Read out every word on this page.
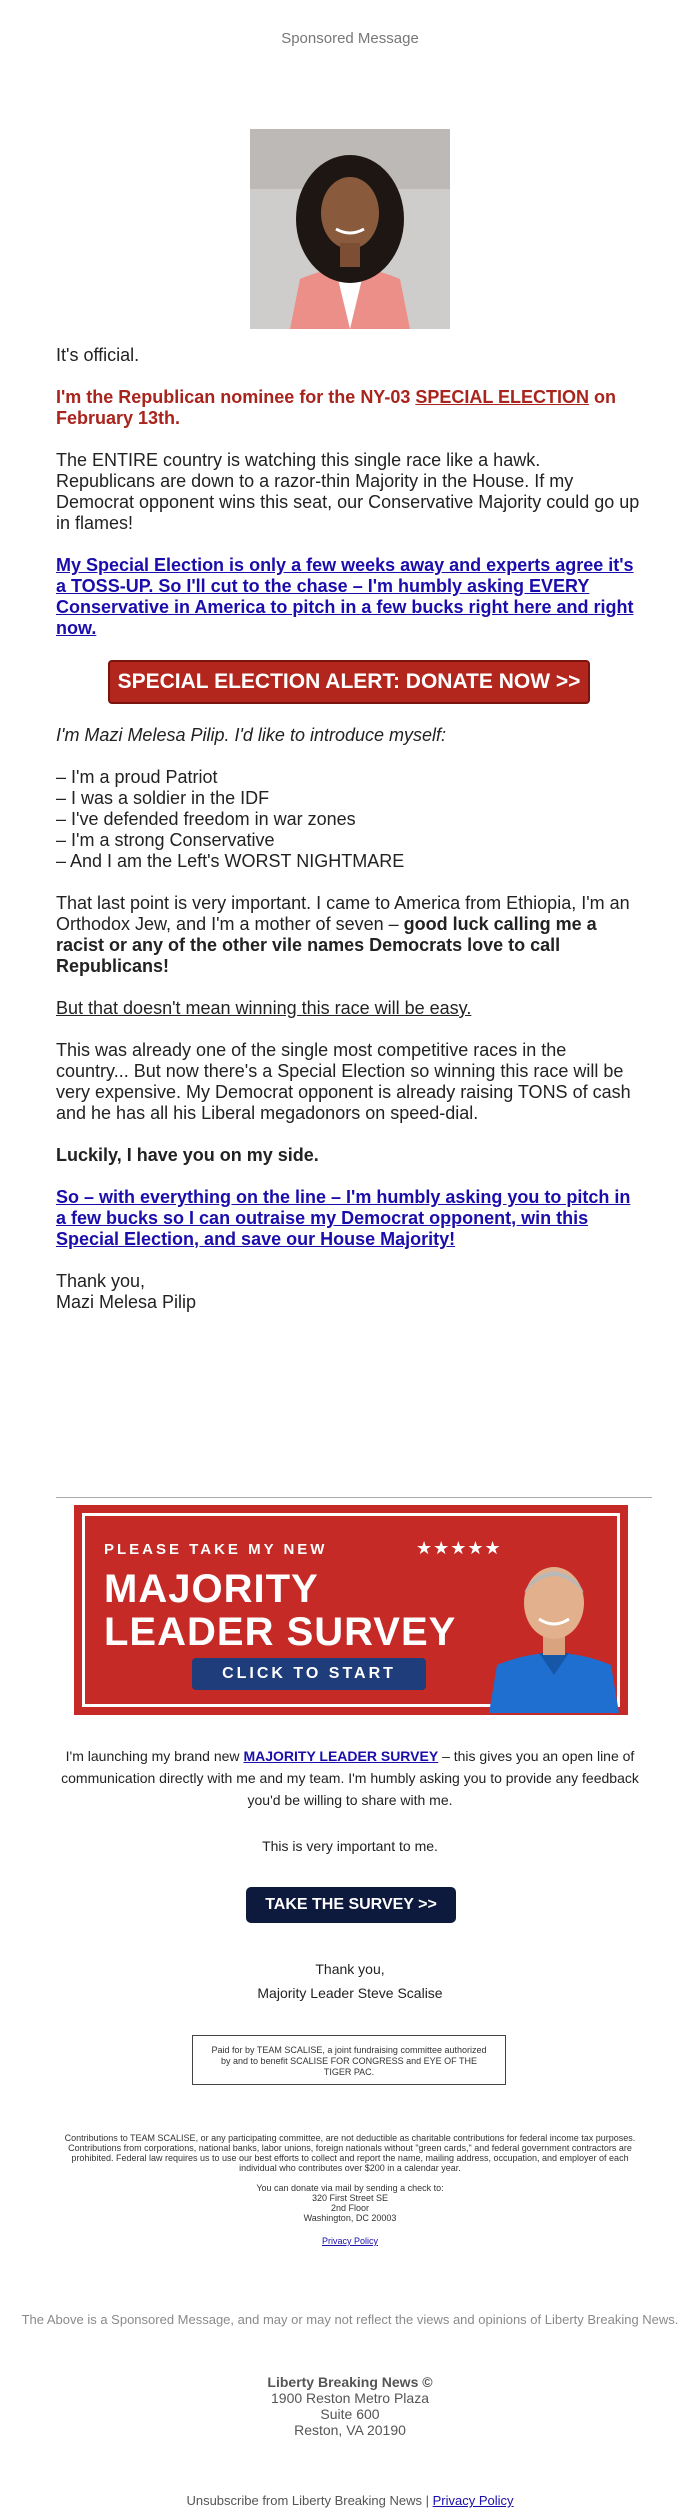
Sponsored Message

It's official.

I'm the Republican nominee for the NY-03 SPECIAL ELECTION on February 13th.

The ENTIRE country is watching this single race like a hawk. Republicans are down to a razor-thin Majority in the House. If my Democrat opponent wins this seat, our Conservative Majority could go up in flames!

My Special Election is only a few weeks away and experts agree it's a TOSS-UP. So I'll cut to the chase – I'm humbly asking EVERY Conservative in America to pitch in a few bucks right here and right now.

SPECIAL ELECTION ALERT: DONATE NOW >>

I'm Mazi Melesa Pilip. I'd like to introduce myself:

– I'm a proud Patriot
– I was a soldier in the IDF
– I've defended freedom in war zones
– I'm a strong Conservative
– And I am the Left's WORST NIGHTMARE

That last point is very important. I came to America from Ethiopia, I'm an Orthodox Jew, and I'm a mother of seven – good luck calling me a racist or any of the other vile names Democrats love to call Republicans!

But that doesn't mean winning this race will be easy.

This was already one of the single most competitive races in the country... But now there's a Special Election so winning this race will be very expensive. My Democrat opponent is already raising TONS of cash and he has all his Liberal megadonors on speed-dial.

Luckily, I have you on my side.

So – with everything on the line – I'm humbly asking you to pitch in a few bucks so I can outraise my Democrat opponent, win this Special Election, and save our House Majority!

Thank you,

Mazi Melesa Pilip

PLEASE TAKE MY NEW	★★★★★
MAJORITY
LEADER SURVEY
CLICK TO START
I'm launching my brand new MAJORITY LEADER SURVEY – this gives you an open line of communication directly with me and my team. I'm humbly asking you to provide any feedback you'd be willing to share with me.
This is very important to me.
TAKE THE SURVEY >>
Thank you,
Majority Leader Steve Scalise
Paid for by TEAM SCALISE, a joint fundraising committee authorized by and to benefit SCALISE FOR CONGRESS and EYE OF THE TIGER PAC.
Contributions to TEAM SCALISE, or any participating committee, are not deductible as charitable contributions for federal income tax purposes. Contributions from corporations, national banks, labor unions, foreign nationals without "green cards," and federal government contractors are prohibited. Federal law requires us to use our best efforts to collect and report the name, mailing address, occupation, and employer of each individual who contributes over $200 in a calendar year.
You can donate via mail by sending a check to:
320 First Street SE
2nd Floor
Washington, DC 20003
Privacy Policy
The Above is a Sponsored Message, and may or may not reflect the views and opinions of Liberty Breaking News.
Liberty Breaking News ©
1900 Reston Metro Plaza
Suite 600
Reston, VA 20190
Unsubscribe from Liberty Breaking News | Privacy Policy
